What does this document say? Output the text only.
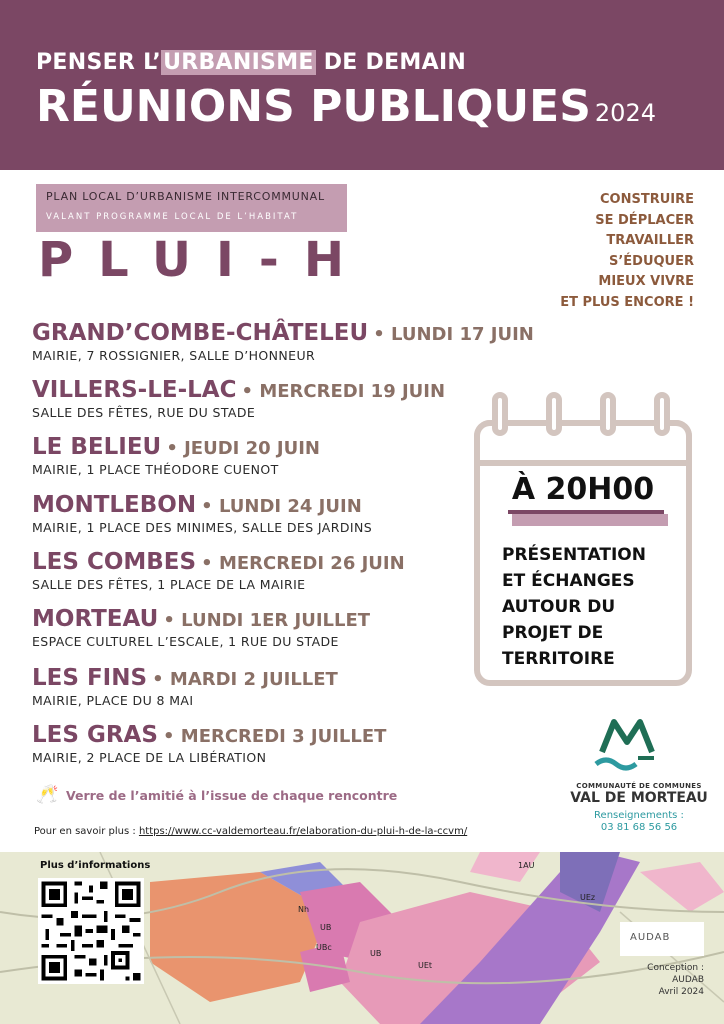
PENSER L’URBANISME DE DEMAIN
RÉUNIONS PUBLIQUES 2024
PLAN LOCAL D’URBANISME INTERCOMMUNAL
VALANT PROGRAMME LOCAL DE L’HABITAT
PLUI-H
CONSTRUIRE
SE DÉPLACER
TRAVAILLER
S’ÉDUQUER
MIEUX VIVRE
ET PLUS ENCORE !
GRAND’COMBE-CHÂTELEU • LUNDI 17 JUIN
MAIRIE, 7 ROSSIGNIER, SALLE D’HONNEUR
VILLERS-LE-LAC • MERCREDI 19 JUIN
SALLE DES FÊTES, RUE DU STADE
LE BELIEU • JEUDI 20 JUIN
MAIRIE, 1 PLACE THÉODORE CUENOT
MONTLEBON • LUNDI 24 JUIN
MAIRIE, 1 PLACE DES MINIMES, SALLE DES JARDINS
LES COMBES • MERCREDI 26 JUIN
SALLE DES FÊTES, 1 PLACE DE LA MAIRIE
MORTEAU • LUNDI 1ER JUILLET
ESPACE CULTUREL L’ESCALE, 1 RUE DU STADE
LES FINS • MARDI 2 JUILLET
MAIRIE, PLACE DU 8 MAI
LES GRAS • MERCREDI 3 JUILLET
MAIRIE, 2 PLACE DE LA LIBÉRATION
À 20H00
PRÉSENTATION
ET ÉCHANGES
AUTOUR DU
PROJET DE
TERRITOIRE
🥂 Verre de l’amitié à l’issue de chaque rencontre
COMMUNAUTÉ DE COMMUNES
VAL DE MORTEAU
Renseignements :
03 81 68 56 56
Pour en savoir plus : https://www.cc-valdemorteau.fr/elaboration-du-plui-h-de-la-ccvm/
Nh
UB
UBc
UB
UEt
1AU
UEz
Plus d’informations
AUDAB
Conception : AUDAB
Avril 2024
